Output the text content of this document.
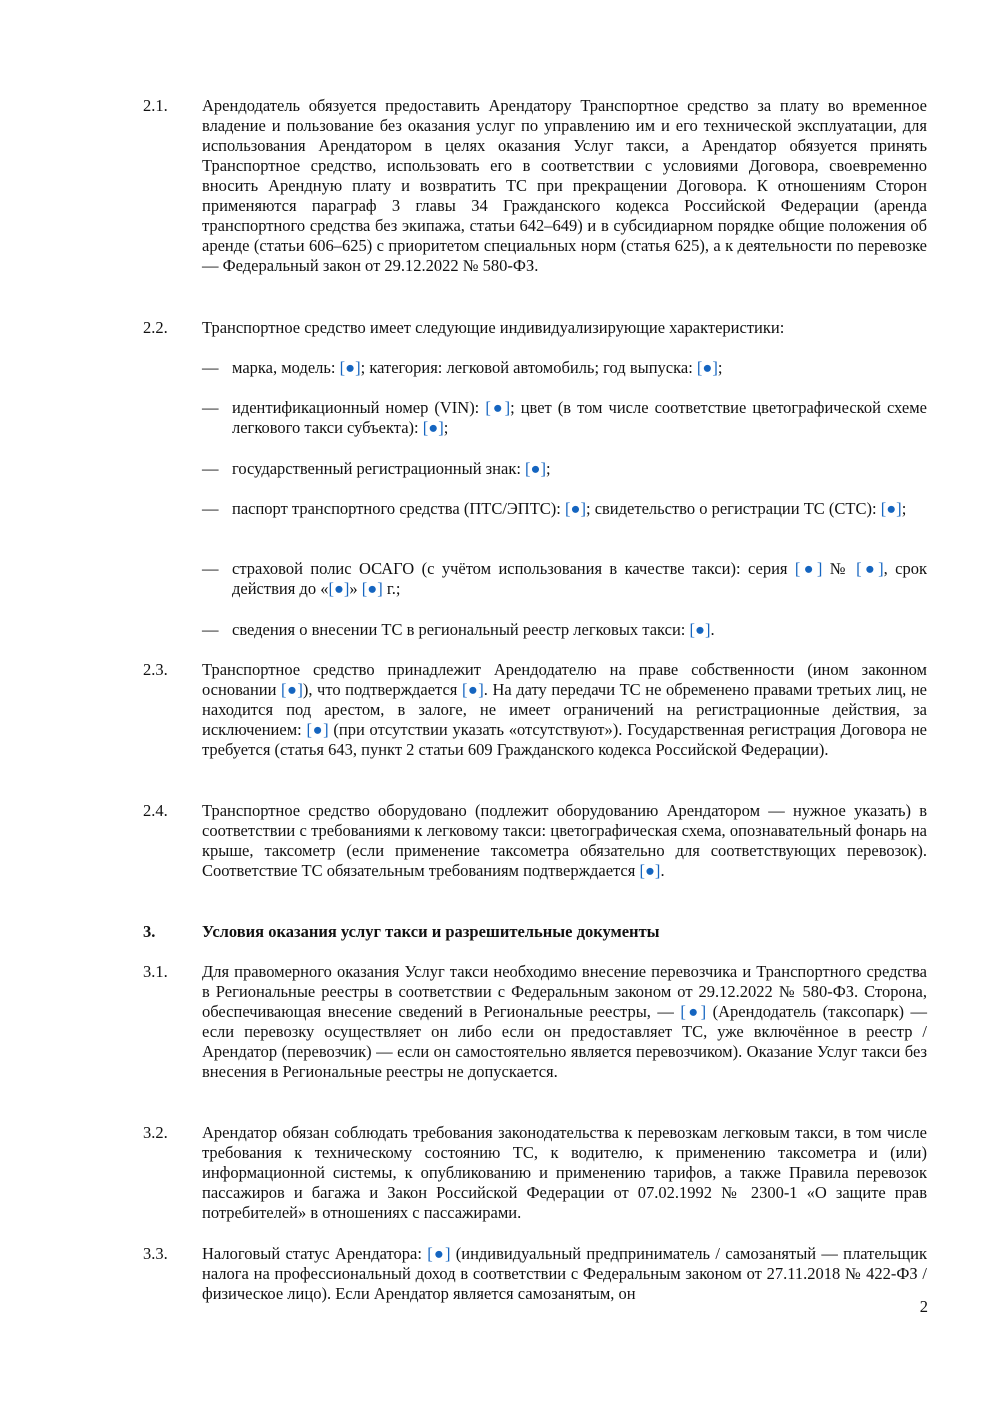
2.1.	Арендодатель обязуется предоставить Арендатору Транспортное средство за плату во временное владение и пользование без оказания услуг по управлению им и его технической эксплуатации, для использования Арендатором в целях оказания Услуг такси, а Арендатор обязуется принять Транспортное средство, использовать его в соответствии с условиями Договора, своевременно вносить Арендную плату и возвратить ТС при прекращении Договора. К отношениям Сторон применяются параграф 3 главы 34 Гражданского кодекса Российской Федерации (аренда транспортного средства без экипажа, статьи 642–649) и в субсидиарном порядке общие положения об аренде (статьи 606–625) с приоритетом специальных норм (статья 625), а к деятельности по перевозке — Федеральный закон от 29.12.2022 № 580-ФЗ.
2.2.	Транспортное средство имеет следующие индивидуализирующие характеристики:
— марка, модель: [●]; категория: легковой автомобиль; год выпуска: [●];
— идентификационный номер (VIN): [●]; цвет (в том числе соответствие цветографической схеме легкового такси субъекта): [●];
— государственный регистрационный знак: [●];
— паспорт транспортного средства (ПТС/ЭПТС): [●]; свидетельство о регистрации ТС (СТС): [●];
— страховой полис ОСАГО (с учётом использования в качестве такси): серия [●] № [●], срок действия до «[●]» [●] г.;
— сведения о внесении ТС в региональный реестр легковых такси: [●].
2.3.	Транспортное средство принадлежит Арендодателю на праве собственности (ином законном основании [●]), что подтверждается [●]. На дату передачи ТС не обременено правами третьих лиц, не находится под арестом, в залоге, не имеет ограничений на регистрационные действия, за исключением: [●] (при отсутствии указать «отсутствуют»). Государственная регистрация Договора не требуется (статья 643, пункт 2 статьи 609 Гражданского кодекса Российской Федерации).
2.4.	Транспортное средство оборудовано (подлежит оборудованию Арендатором — нужное указать) в соответствии с требованиями к легковому такси: цветографическая схема, опознавательный фонарь на крыше, таксометр (если применение таксометра обязательно для соответствующих перевозок). Соответствие ТС обязательным требованиям подтверждается [●].
3.	Условия оказания услуг такси и разрешительные документы
3.1.	Для правомерного оказания Услуг такси необходимо внесение перевозчика и Транспортного средства в Региональные реестры в соответствии с Федеральным законом от 29.12.2022 № 580-ФЗ. Сторона, обеспечивающая внесение сведений в Региональные реестры, — [●] (Арендодатель (таксопарк) — если перевозку осуществляет он либо если он предоставляет ТС, уже включённое в реестр / Арендатор (перевозчик) — если он самостоятельно является перевозчиком). Оказание Услуг такси без внесения в Региональные реестры не допускается.
3.2.	Арендатор обязан соблюдать требования законодательства к перевозкам легковым такси, в том числе требования к техническому состоянию ТС, к водителю, к применению таксометра и (или) информационной системы, к опубликованию и применению тарифов, а также Правила перевозок пассажиров и багажа и Закон Российской Федерации от 07.02.1992 № 2300-1 «О защите прав потребителей» в отношениях с пассажирами.
3.3.	Налоговый статус Арендатора: [●] (индивидуальный предприниматель / самозанятый — плательщик налога на профессиональный доход в соответствии с Федеральным законом от 27.11.2018 № 422-ФЗ / физическое лицо). Если Арендатор является самозанятым, он
2
